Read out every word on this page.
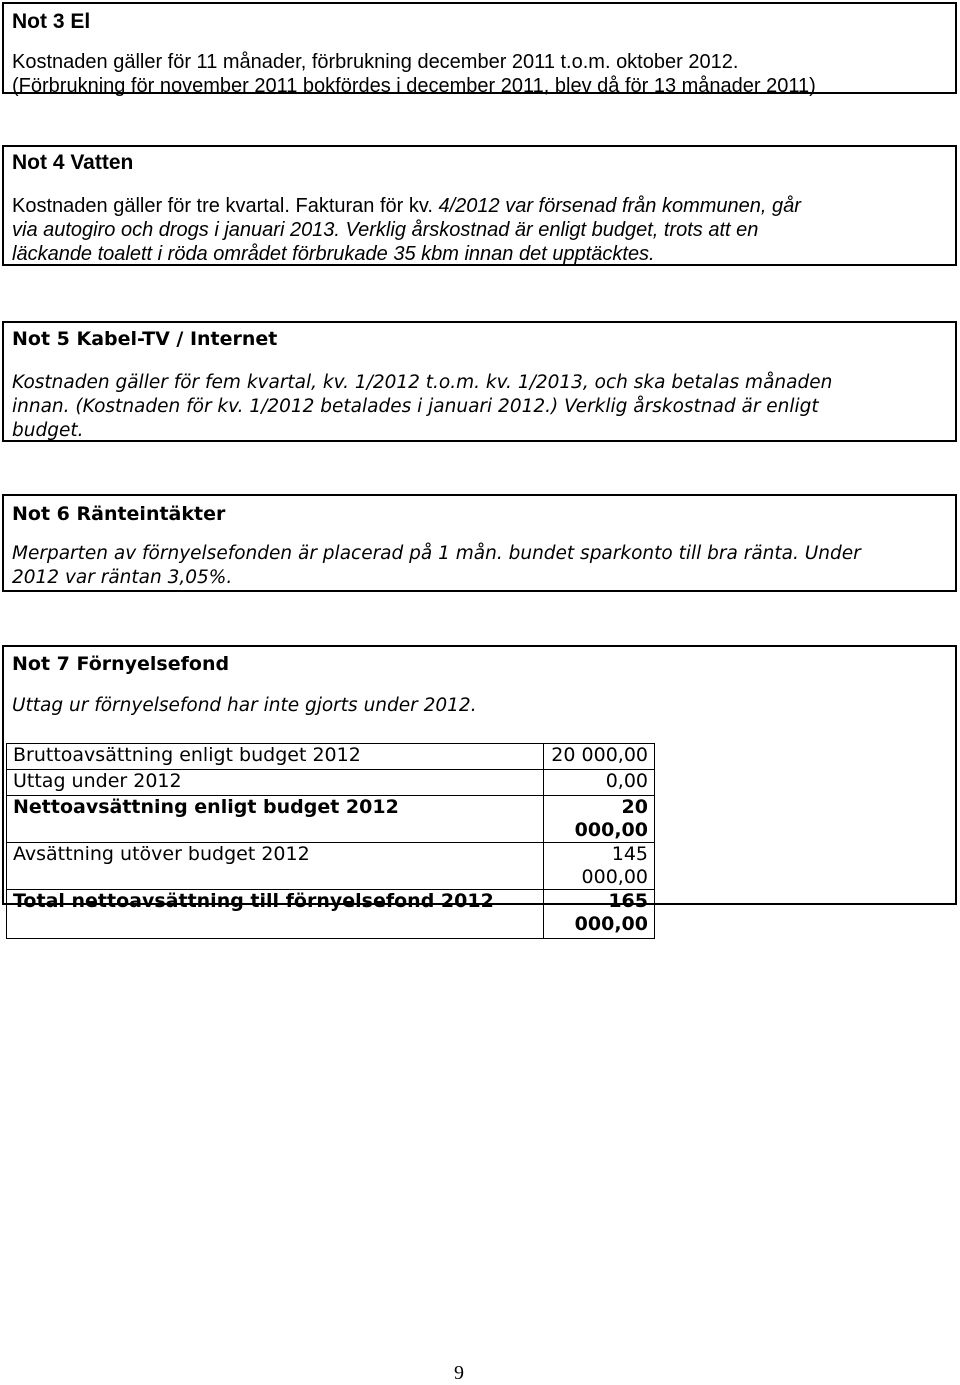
Not 3 El
Kostnaden gäller för 11 månader, förbrukning december 2011 t.o.m. oktober 2012.
(Förbrukning för november 2011 bokfördes i december 2011, blev då för 13 månader 2011)
Not 4 Vatten
Kostnaden gäller för tre kvartal. Fakturan för kv. 4/2012 var försenad från kommunen, går
via autogiro och drogs i januari 2013. Verklig årskostnad är enligt budget, trots att en
läckande toalett i röda området förbrukade 35 kbm innan det upptäcktes.
Not 5 Kabel-TV / Internet
Kostnaden gäller för fem kvartal, kv. 1/2012 t.o.m. kv. 1/2013, och ska betalas månaden
innan. (Kostnaden för kv. 1/2012 betalades i januari 2012.) Verklig årskostnad är enligt
budget.
Not 6 Ränteintäkter
Merparten av förnyelsefonden är placerad på 1 mån. bundet sparkonto till bra ränta. Under
2012 var räntan 3,05%.
Not 7 Förnyelsefond
Uttag ur förnyelsefond har inte gjorts under 2012.
Bruttoavsättning enligt budget 2012	20 000,00
Uttag under 2012	0,00
Nettoavsättning enligt budget 2012	20 000,00
Avsättning utöver budget 2012	145 000,00
Total nettoavsättning till förnyelsefond 2012	165 000,00
9
